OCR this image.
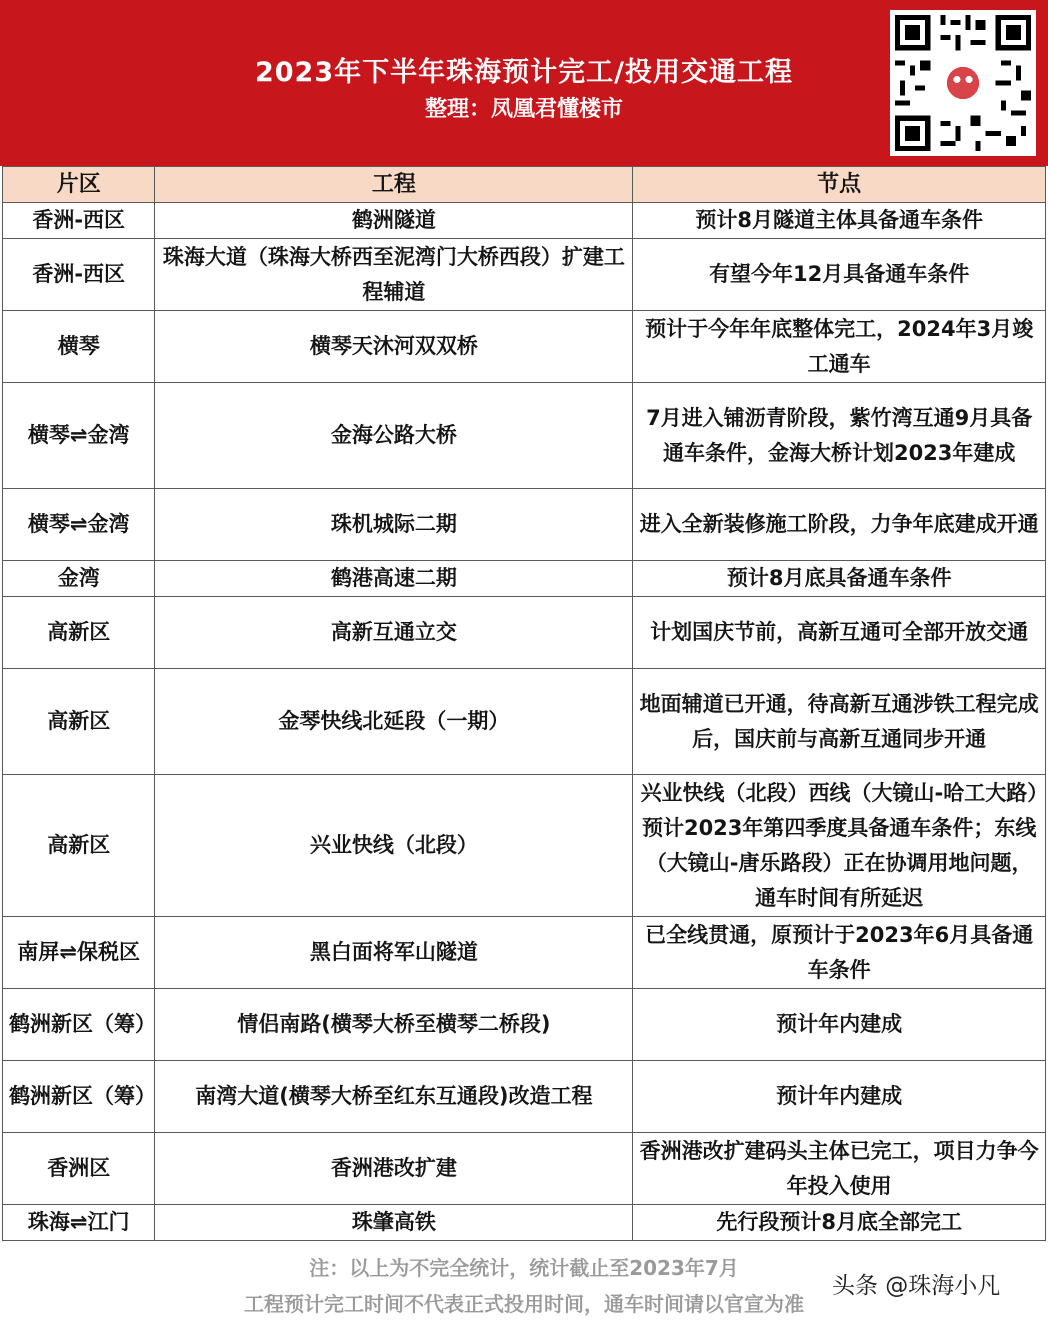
2023年下半年珠海预计完工/投用交通工程
整理：凤凰君懂楼市
片区	工程	节点
香洲-西区	鹤洲隧道	预计8月隧道主体具备通车条件
香洲-西区	珠海大道（珠海大桥西至泥湾门大桥西段）扩建工程辅道	有望今年12月具备通车条件
横琴	横琴天沐河双双桥	预计于今年年底整体完工，2024年3月竣工通车
横琴⇌金湾	金海公路大桥	7月进入铺沥青阶段，紫竹湾互通9月具备通车条件，金海大桥计划2023年建成
横琴⇌金湾	珠机城际二期	进入全新装修施工阶段，力争年底建成开通
金湾	鹤港高速二期	预计8月底具备通车条件
高新区	高新互通立交	计划国庆节前，高新互通可全部开放交通
高新区	金琴快线北延段（一期）	地面辅道已开通，待高新互通涉铁工程完成后，国庆前与高新互通同步开通
高新区	兴业快线（北段）	兴业快线（北段）西线（大镜山-哈工大路）预计2023年第四季度具备通车条件；东线（大镜山-唐乐路段）正在协调用地问题，通车时间有所延迟
南屏⇌保税区	黑白面将军山隧道	已全线贯通，原预计于2023年6月具备通车条件
鹤洲新区（筹）	情侣南路(横琴大桥至横琴二桥段)	预计年内建成
鹤洲新区（筹）	南湾大道(横琴大桥至红东互通段)改造工程	预计年内建成
香洲区	香洲港改扩建	香洲港改扩建码头主体已完工，项目力争今年投入使用
珠海⇌江门	珠肇高铁	先行段预计8月底全部完工
注：以上为不完全统计，统计截止至2023年7月
工程预计完工时间不代表正式投用时间，通车时间请以官宣为准
头条 @珠海小凡
